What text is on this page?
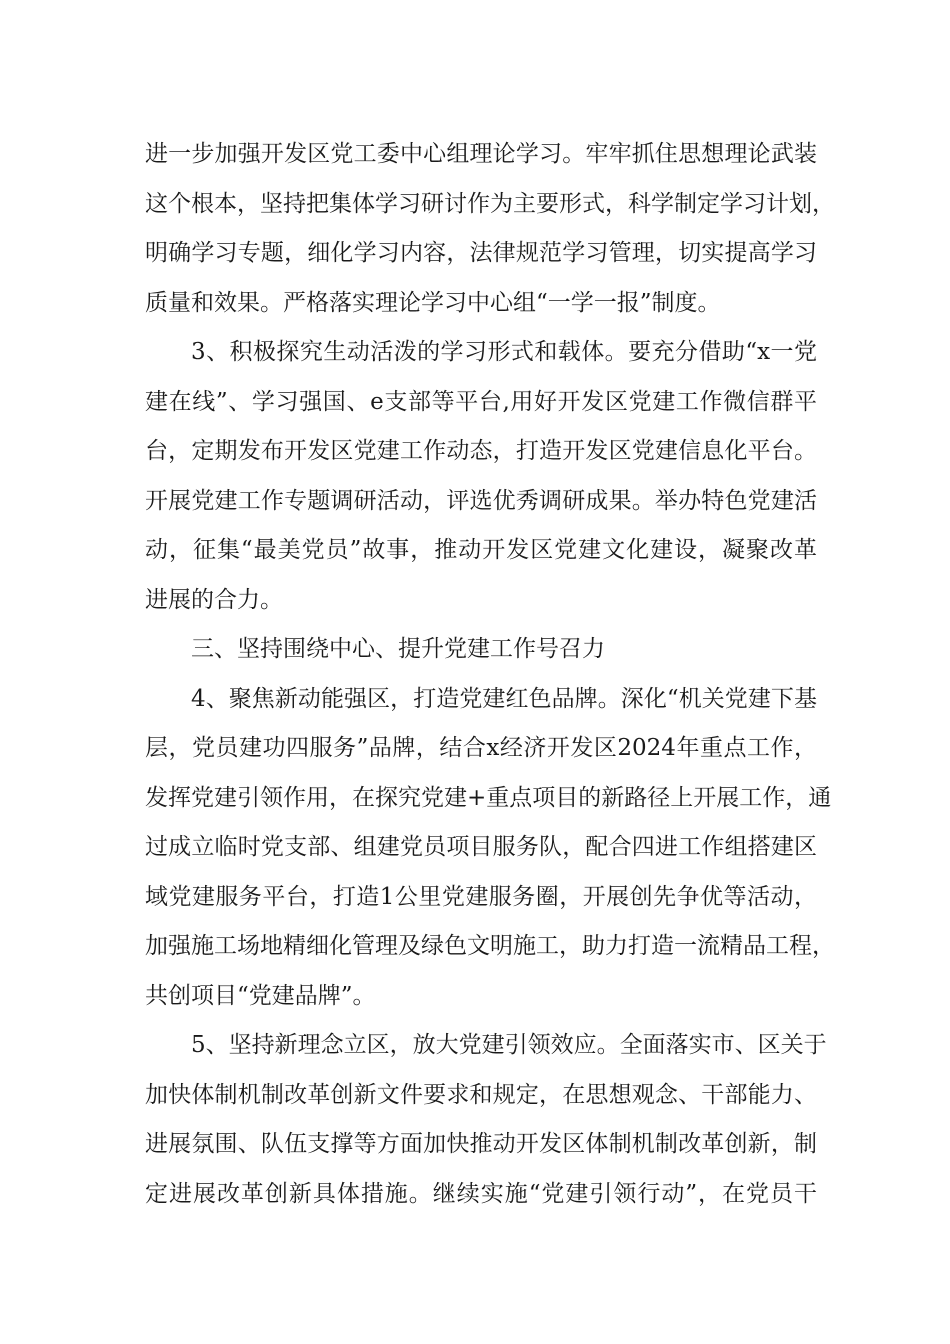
进一步加强开发区党工委中心组理论学习。牢牢抓住思想理论武装
这个根本，坚持把集体学习研讨作为主要形式，科学制定学习计划，
明确学习专题，细化学习内容，法律规范学习管理，切实提高学习
质量和效果。严格落实理论学习中心组“一学一报”制度。
3、积极探究生动活泼的学习形式和载体。要充分借助“x一党
建在线”、学习强国、e支部等平台,用好开发区党建工作微信群平
台，定期发布开发区党建工作动态，打造开发区党建信息化平台。
开展党建工作专题调研活动，评选优秀调研成果。举办特色党建活
动，征集“最美党员”故事，推动开发区党建文化建设，凝聚改革
进展的合力。
三、坚持围绕中心、提升党建工作号召力
4、聚焦新动能强区，打造党建红色品牌。深化“机关党建下基
层，党员建功四服务”品牌，结合x经济开发区2024年重点工作，
发挥党建引领作用，在探究党建+重点项目的新路径上开展工作，通
过成立临时党支部、组建党员项目服务队，配合四进工作组搭建区
域党建服务平台，打造1公里党建服务圈，开展创先争优等活动，
加强施工场地精细化管理及绿色文明施工，助力打造一流精品工程，
共创项目“党建品牌”。
5、坚持新理念立区，放大党建引领效应。全面落实市、区关于
加快体制机制改革创新文件要求和规定，在思想观念、干部能力、
进展氛围、队伍支撑等方面加快推动开发区体制机制改革创新，制
定进展改革创新具体措施。继续实施“党建引领行动”，在党员干
